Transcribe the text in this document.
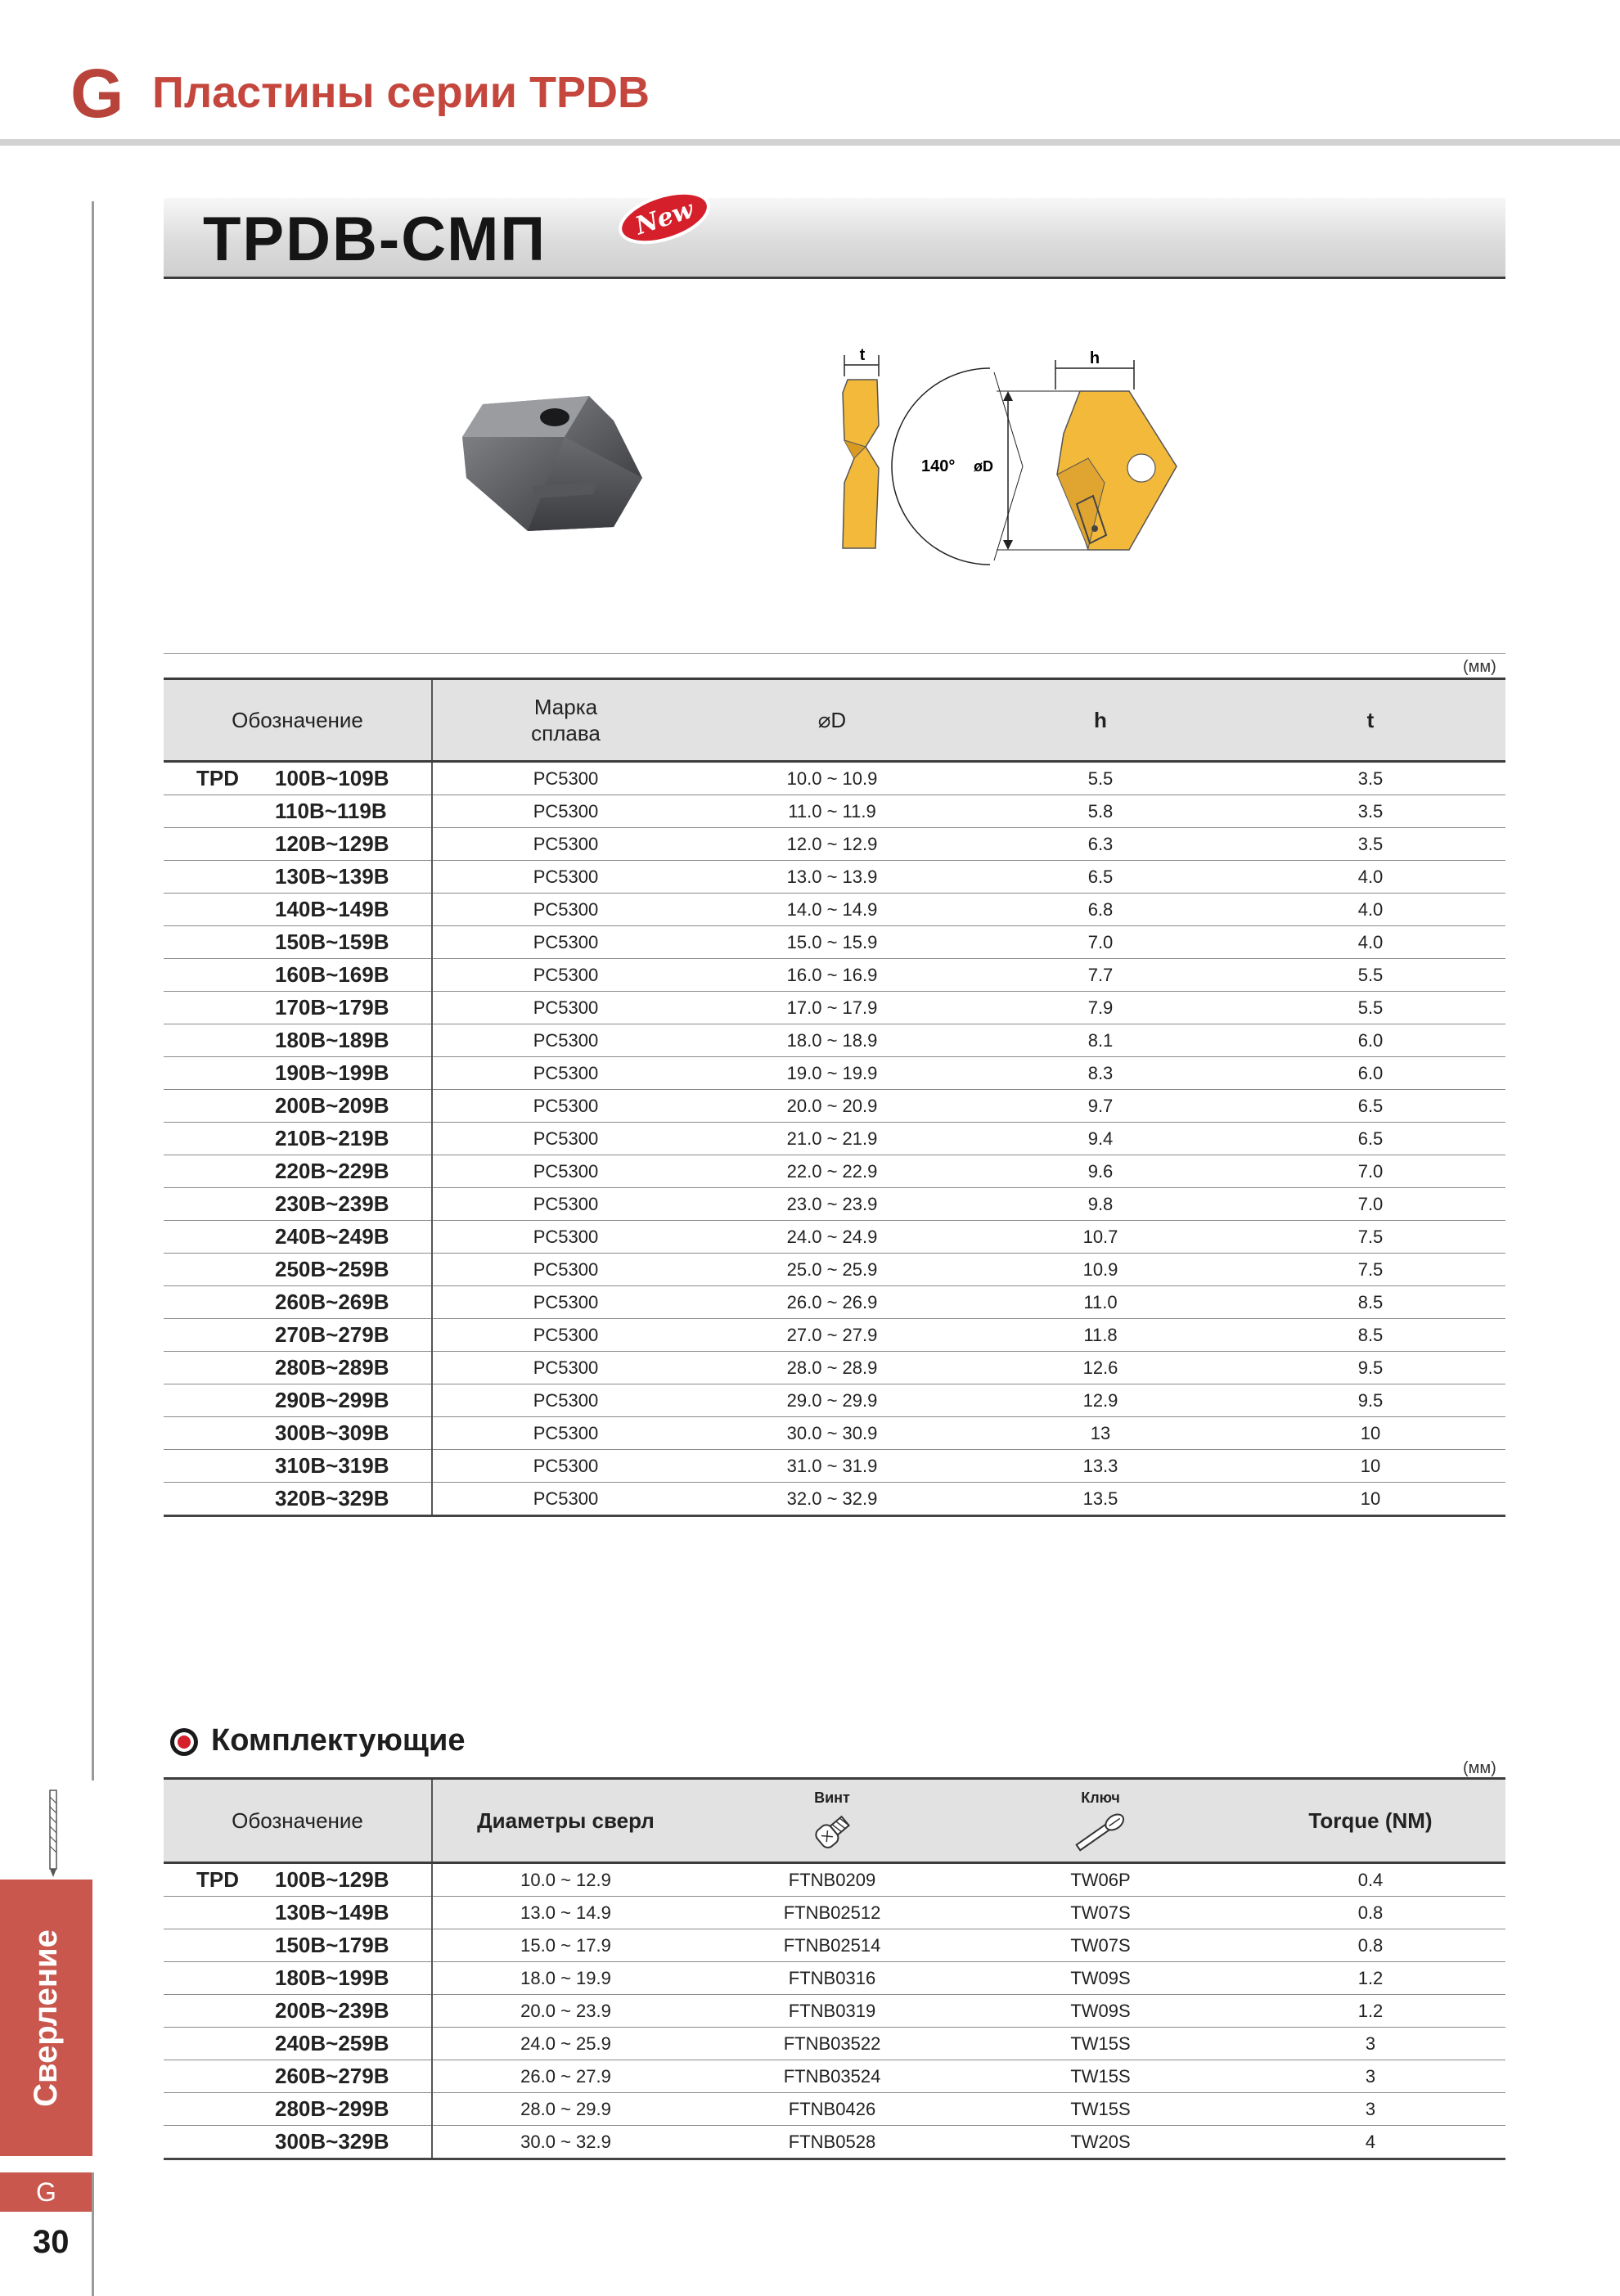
G Пластины серии TPDB
Сверление
G
30
TPDB-СМП	New
t
140° øD
h
(мм)
Обозначение		Марка сплава	⌀D	h	t
TPD	100B~109B	PC5300	10.0 ~ 10.9	5.5	3.5
	110B~119B	PC5300	11.0 ~ 11.9	5.8	3.5
	120B~129B	PC5300	12.0 ~ 12.9	6.3	3.5
	130B~139B	PC5300	13.0 ~ 13.9	6.5	4.0
	140B~149B	PC5300	14.0 ~ 14.9	6.8	4.0
	150B~159B	PC5300	15.0 ~ 15.9	7.0	4.0
	160B~169B	PC5300	16.0 ~ 16.9	7.7	5.5
	170B~179B	PC5300	17.0 ~ 17.9	7.9	5.5
	180B~189B	PC5300	18.0 ~ 18.9	8.1	6.0
	190B~199B	PC5300	19.0 ~ 19.9	8.3	6.0
	200B~209B	PC5300	20.0 ~ 20.9	9.7	6.5
	210B~219B	PC5300	21.0 ~ 21.9	9.4	6.5
	220B~229B	PC5300	22.0 ~ 22.9	9.6	7.0
	230B~239B	PC5300	23.0 ~ 23.9	9.8	7.0
	240B~249B	PC5300	24.0 ~ 24.9	10.7	7.5
	250B~259B	PC5300	25.0 ~ 25.9	10.9	7.5
	260B~269B	PC5300	26.0 ~ 26.9	11.0	8.5
	270B~279B	PC5300	27.0 ~ 27.9	11.8	8.5
	280B~289B	PC5300	28.0 ~ 28.9	12.6	9.5
	290B~299B	PC5300	29.0 ~ 29.9	12.9	9.5
	300B~309B	PC5300	30.0 ~ 30.9	13	10
	310B~319B	PC5300	31.0 ~ 31.9	13.3	10
	320B~329B	PC5300	32.0 ~ 32.9	13.5	10
Комплектующие
(мм)
Обозначение		Диаметры сверл	Винт	Ключ	Torque (NM)
TPD	100B~129B	10.0 ~ 12.9	FTNB0209	TW06P	0.4
	130B~149B	13.0 ~ 14.9	FTNB02512	TW07S	0.8
	150B~179B	15.0 ~ 17.9	FTNB02514	TW07S	0.8
	180B~199B	18.0 ~ 19.9	FTNB0316	TW09S	1.2
	200B~239B	20.0 ~ 23.9	FTNB0319	TW09S	1.2
	240B~259B	24.0 ~ 25.9	FTNB03522	TW15S	3
	260B~279B	26.0 ~ 27.9	FTNB03524	TW15S	3
	280B~299B	28.0 ~ 29.9	FTNB0426	TW15S	3
	300B~329B	30.0 ~ 32.9	FTNB0528	TW20S	4
